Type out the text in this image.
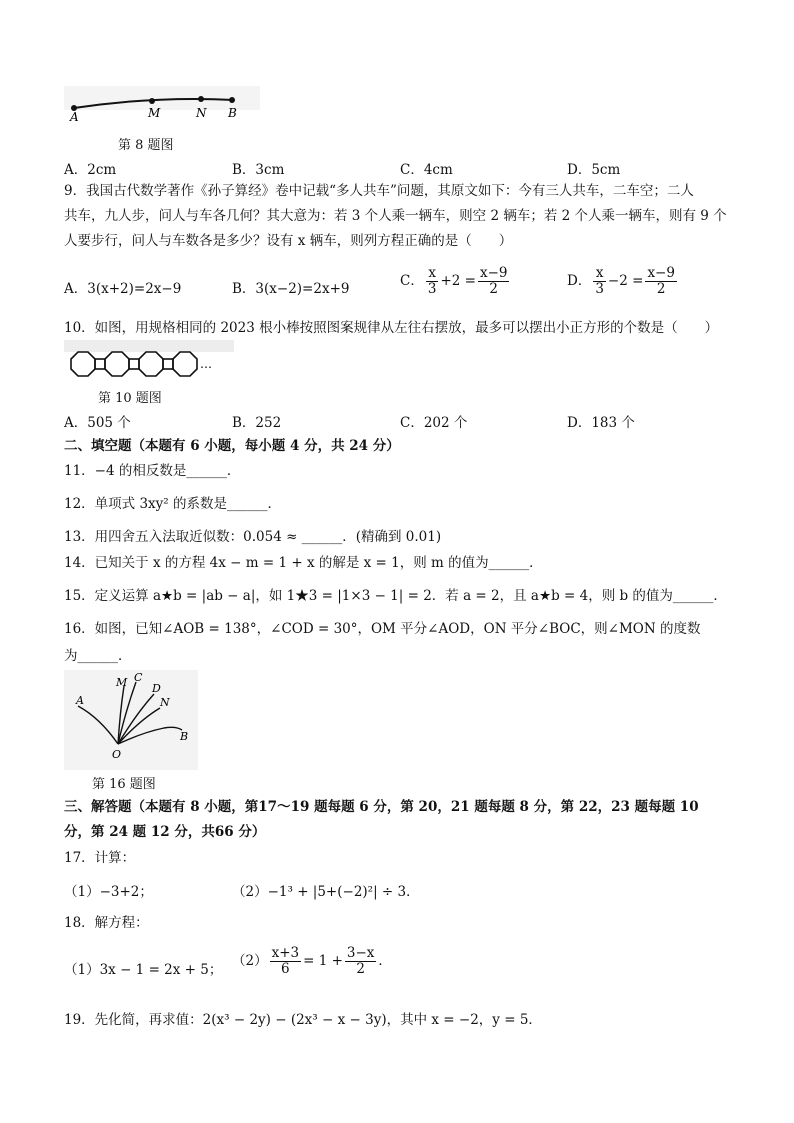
A	M	N B
第 8 题图
A．2cm	B．3cm	C．4cm	D．5cm
9．我国古代数学著作《孙子算经》卷中记载“多人共车”问题，其原文如下：今有三人共车，二车空；二人
共车，九人步，问人与车各几何？其大意为：若 3 个人乘一辆车，则空 2 辆车；若 2 个人乘一辆车，则有 9 个
人要步行，问人与车数各是多少？设有 x 辆车，则列方程正确的是（　　）
A．3(x+2)=2x−9	B．3(x−2)=2x+9	C． $\frac{x}{3} +2 = \frac{x-9}{2}$	D． $\frac{x}{3} -2 = \frac{x-9}{2}$
10．如图，用规格相同的 2023 根小棒按照图案规律从左往右摆放，最多可以摆出小正方形的个数是（　　）
…
第 10 题图
A．505 个	B．252	C．202 个	D．183 个
二、填空题（本题有 6 小题，每小题 4 分，共 24 分）
11．−4 的相反数是______．
12．单项式 3xy² 的系数是______．
13．用四舍五入法取近似数：0.054 ≈ ______．(精确到 0.01)
14．已知关于 x 的方程 4x − m = 1 + x 的解是 x = 1，则 m 的值为______．
15．定义运算 a★b = |ab − a|，如 1★3 = |1×3 − 1| = 2．若 a = 2，且 a★b = 4，则 b 的值为______．
16．如图，已知∠AOB = 138°，∠COD = 30°，OM 平分∠AOD，ON 平分∠BOC，则∠MON 的度数
为______．
A
M C
D
N
O
B
第 16 题图
三、解答题（本题有 8 小题，第17～19 题每题 6 分，第 20，21 题每题 8 分，第 22，23 题每题 10
分，第 24 题 12 分，共66 分）
17．计算：
（1）−3+2；	（2）−1³ + |5+(−2)²| ÷ 3．
18．解方程：
（1）3x − 1 = 2x + 5；
$(2) \frac{x+3}{6} = 1 + \frac{3-x}{2}$ ．
19．先化简，再求值：2(x³ − 2y) − (2x³ − x − 3y)，其中 x = −2，y = 5．
